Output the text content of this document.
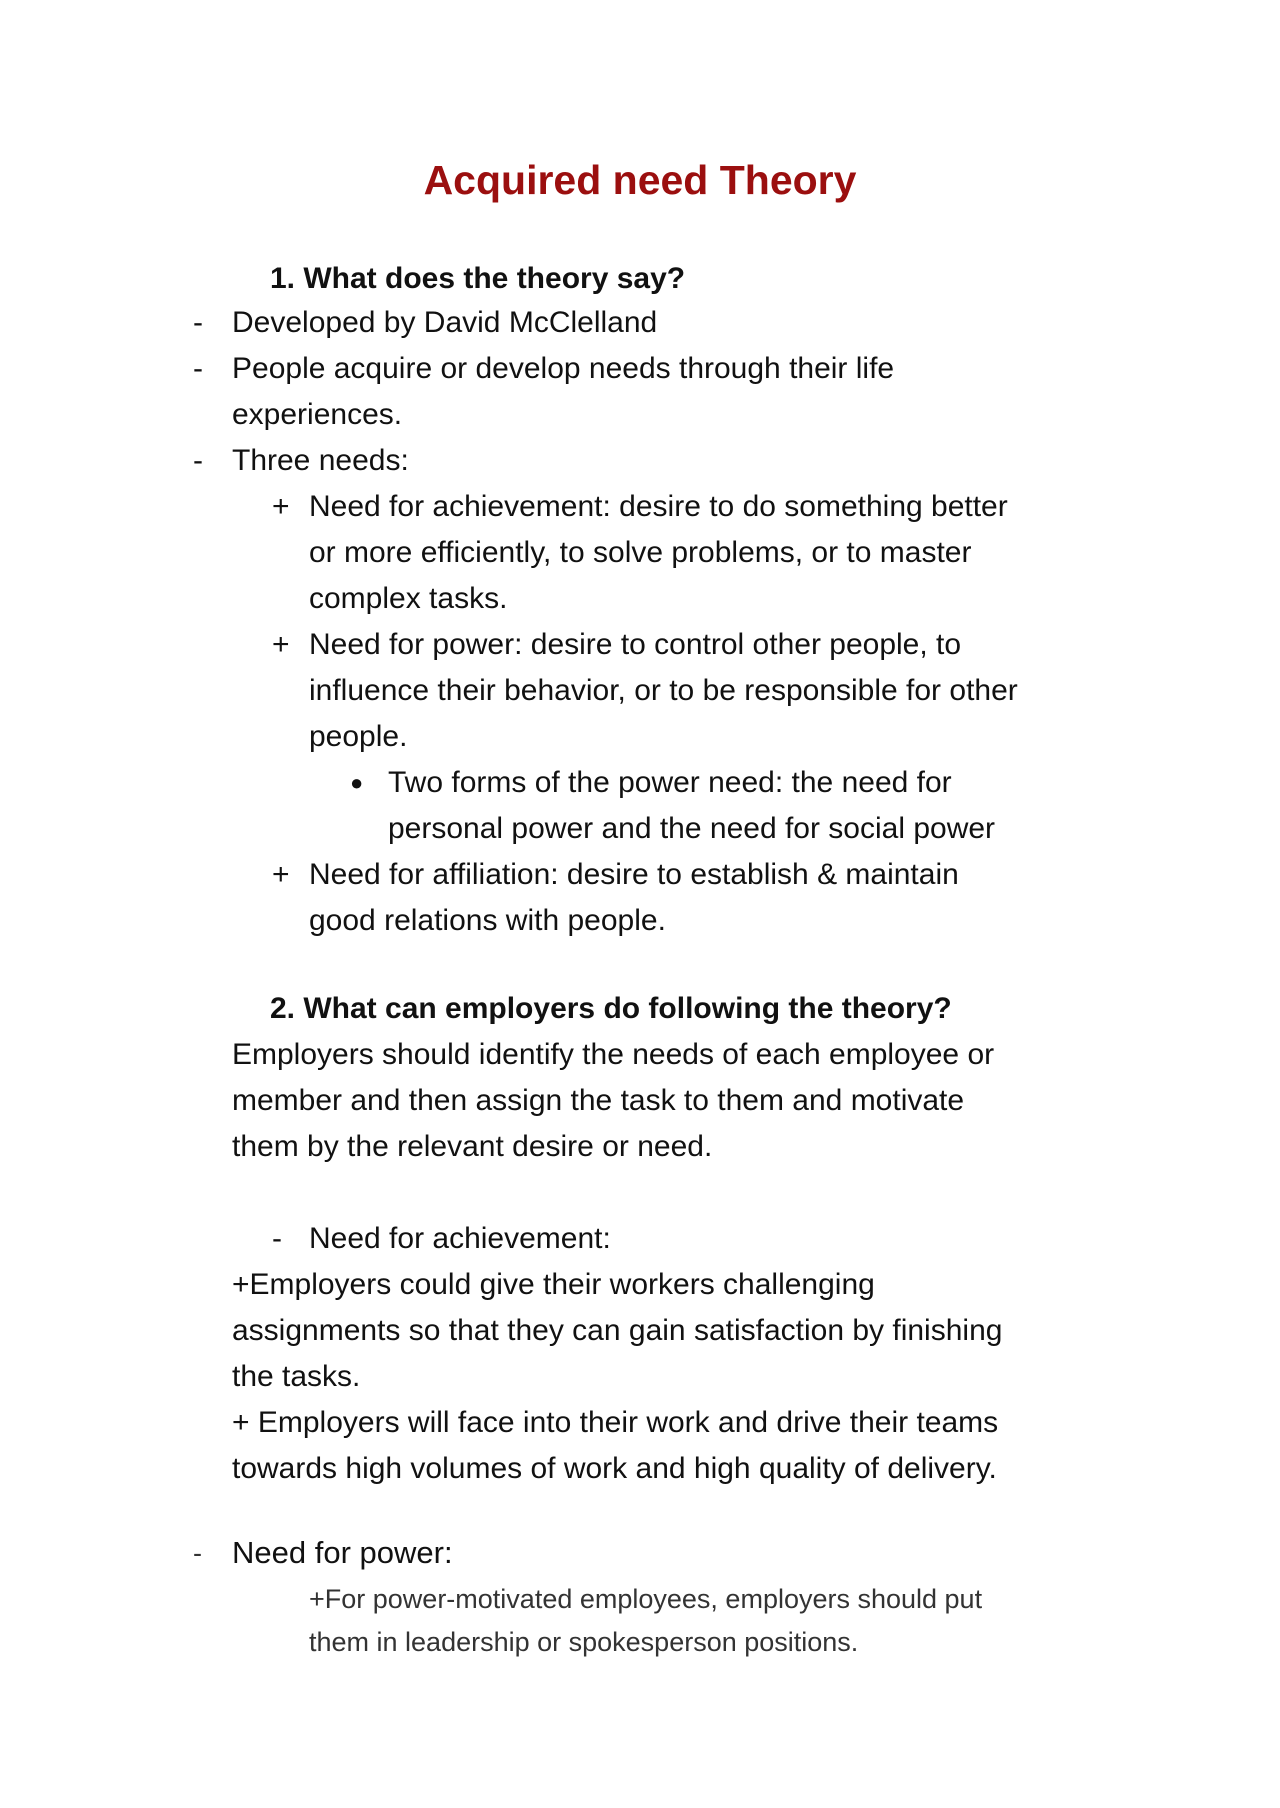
Acquired need Theory
1. What does the theory say?
- Developed by David McClelland
- People acquire or develop needs through their life
experiences.
- Three needs:
+ Need for achievement: desire to do something better
or more efficiently, to solve problems, or to master
complex tasks.
+ Need for power: desire to control other people, to
influence their behavior, or to be responsible for other
people.
● Two forms of the power need: the need for
personal power and the need for social power
+ Need for affiliation: desire to establish & maintain
good relations with people.
2. What can employers do following the theory?
Employers should identify the needs of each employee or
member and then assign the task to them and motivate
them by the relevant desire or need.
- Need for achievement:
+Employers could give their workers challenging
assignments so that they can gain satisfaction by finishing
the tasks.
+ Employers will face into their work and drive their teams
towards high volumes of work and high quality of delivery.
- Need for power:
+For power-motivated employees, employers should put
them in leadership or spokesperson positions.
